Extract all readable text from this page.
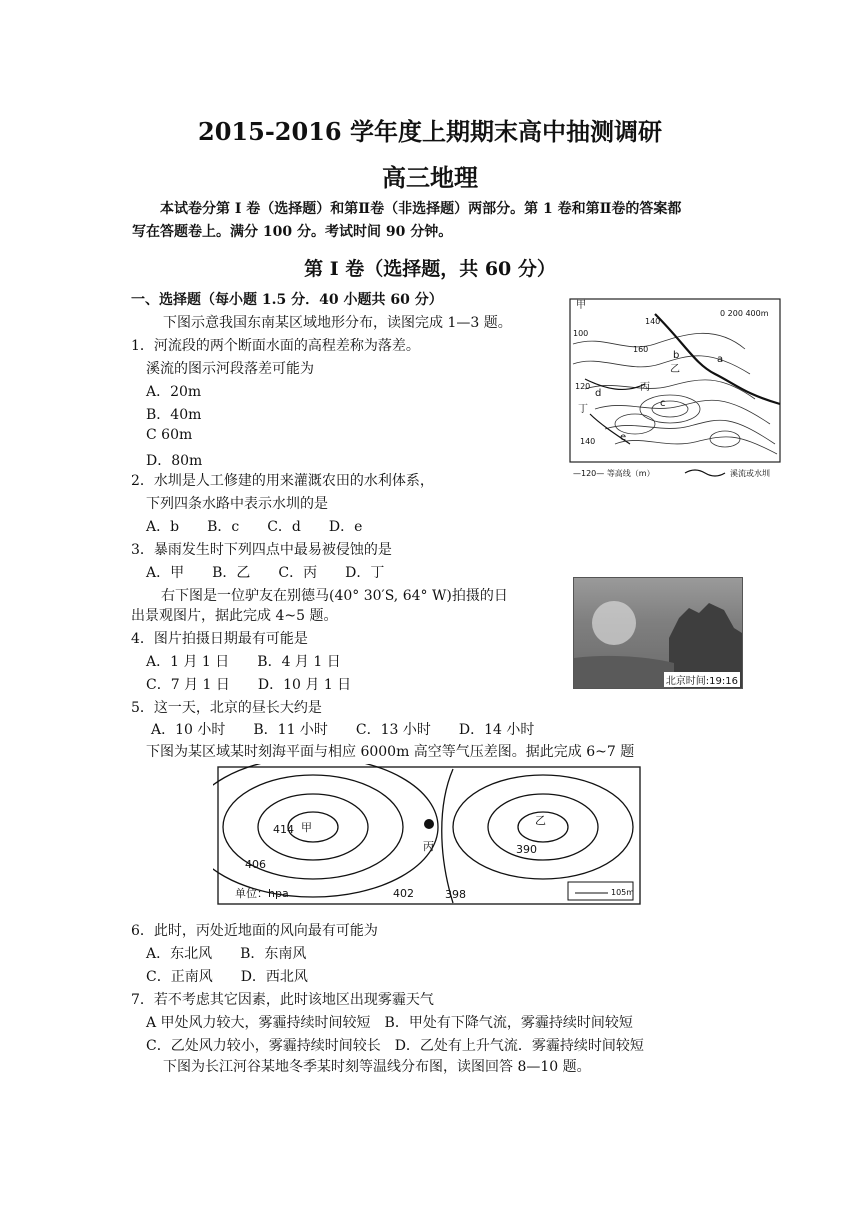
2015-2016 学年度上期期末高中抽测调研
高三地理
本试卷分第 I 卷（选择题）和第Ⅱ卷（非选择题）两部分。第 1 卷和第Ⅱ卷的答案都
写在答题卷上。满分 100 分。考试时间 90 分钟。
第 I 卷（选择题，共 60 分）
一、选择题（每小题 1.5 分．40 小题共 60 分）
下图示意我国东南某区域地形分布，读图完成 1—3 题。
1．河流段的两个断面水面的高程差称为落差。
溪流的图示河段落差可能为
A．20m
B．40m
C 60m
D．80m
2．水圳是人工修建的用来灌溉农田的水利体系，
下列四条水路中表示水圳的是
A．b　　B．c　　C．d　　D．e
3．暴雨发生时下列四点中最易被侵蚀的是
A．甲　　B．乙　　C．丙　　D．丁
右下图是一位驴友在别德马(40° 30′S, 64° W)拍摄的日
出景观图片，据此完成 4~5 题。
4．图片拍摄日期最有可能是
A．1 月 1 日　　B．4 月 1 日
C．7 月 1 日　　D．10 月 1 日
5．这一天，北京的昼长大约是
A．10 小时　　B．11 小时　　C．13 小时　　D．14 小时
下图为某区域某时刻海平面与相应 6000m 高空等气压差图。据此完成 6~7 题
6．此时，丙处近地面的风向最有可能为
A．东北风　　B．东南风
C．正南风　　D．西北风
7．若不考虑其它因素，此时该地区出现雾霾天气
A 甲处风力较大，雾霾持续时间较短　B．甲处有下降气流，雾霾持续时间较短
C．乙处风力较小，雾霾持续时间较长　D．乙处有上升气流．雾霾持续时间较短
下图为长江河谷某地冬季某时刻等温线分布图，读图回答 8—10 题。
甲
乙
丙
丁
a
b
c
d
e
100
140
160
120
140
0 200 400m
—120— 等高线（m）	溪流或水圳
北京时间:19:16
414 甲
406
402	398
390
乙
丙
单位：hpa	105m
